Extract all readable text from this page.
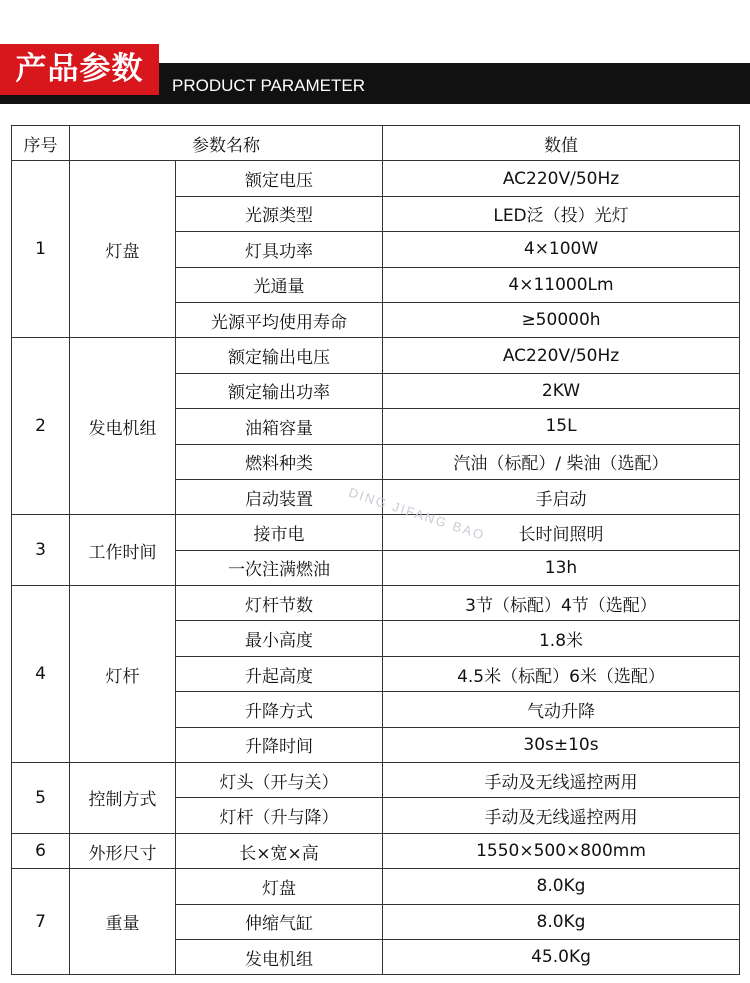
产品参数	PRODUCT PARAMETER
序号	参数名称		数值
1	灯盘	额定电压	AC220V/50Hz
		光源类型	LED泛（投）光灯
		灯具功率	4×100W
		光通量	4×11000Lm
		光源平均使用寿命	≥50000h
2	发电机组	额定输出电压	AC220V/50Hz
		额定输出功率	2KW
		油箱容量	15L
		燃料种类	汽油（标配）/ 柴油（选配）
		启动装置	手启动
3	工作时间	接市电	长时间照明
		一次注满燃油	13h
4	灯杆	灯杆节数	3节（标配）4节（选配）
		最小高度	1.8米
		升起高度	4.5米（标配）6米（选配）
		升降方式	气动升降
		升降时间	30s±10s
5	控制方式	灯头（开与关）	手动及无线遥控两用
		灯杆（升与降）	手动及无线遥控两用
6	外形尺寸	长×宽×高	1550×500×800mm
7	重量	灯盘	8.0Kg
		伸缩气缸	8.0Kg
		发电机组	45.0Kg
DING JIFANG BAO
